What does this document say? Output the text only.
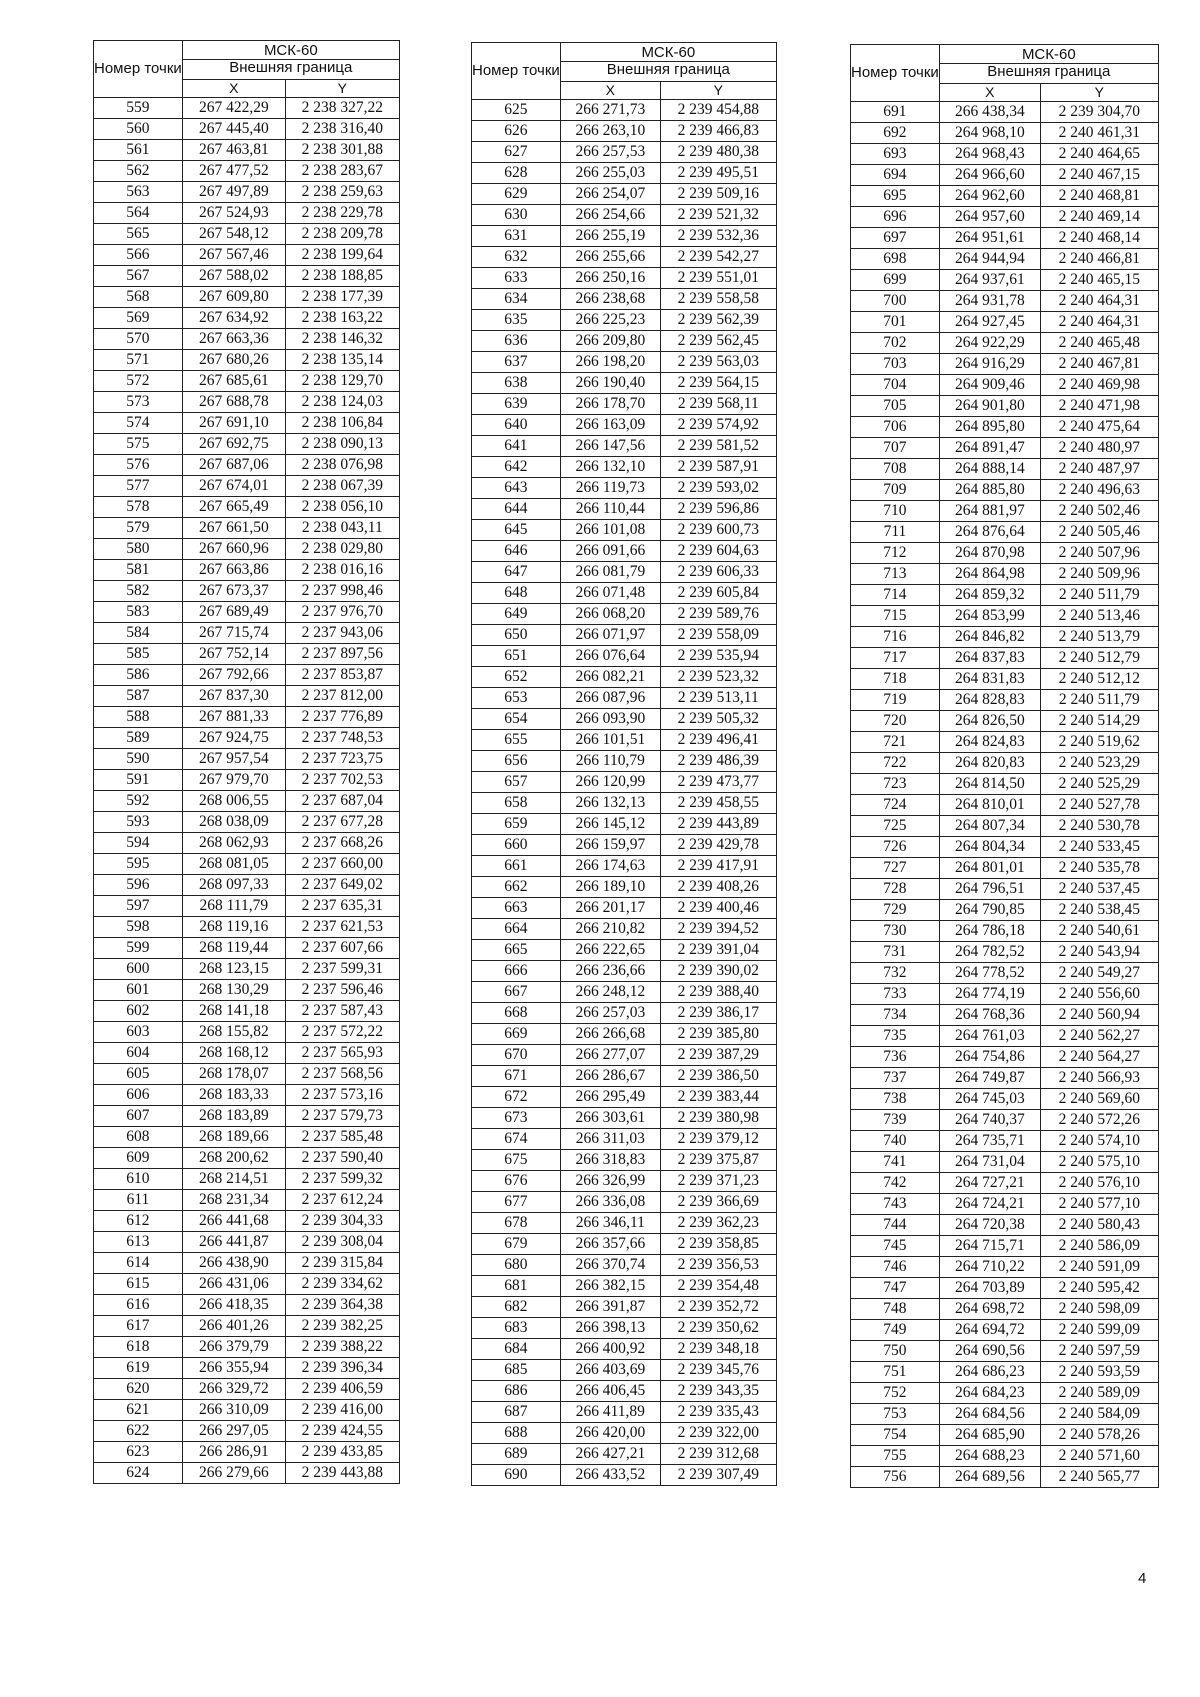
Номер точки	МСК-60	
	Внешняя граница	
	X	Y
559	267 422,29	2 238 327,22
560	267 445,40	2 238 316,40
561	267 463,81	2 238 301,88
562	267 477,52	2 238 283,67
563	267 497,89	2 238 259,63
564	267 524,93	2 238 229,78
565	267 548,12	2 238 209,78
566	267 567,46	2 238 199,64
567	267 588,02	2 238 188,85
568	267 609,80	2 238 177,39
569	267 634,92	2 238 163,22
570	267 663,36	2 238 146,32
571	267 680,26	2 238 135,14
572	267 685,61	2 238 129,70
573	267 688,78	2 238 124,03
574	267 691,10	2 238 106,84
575	267 692,75	2 238 090,13
576	267 687,06	2 238 076,98
577	267 674,01	2 238 067,39
578	267 665,49	2 238 056,10
579	267 661,50	2 238 043,11
580	267 660,96	2 238 029,80
581	267 663,86	2 238 016,16
582	267 673,37	2 237 998,46
583	267 689,49	2 237 976,70
584	267 715,74	2 237 943,06
585	267 752,14	2 237 897,56
586	267 792,66	2 237 853,87
587	267 837,30	2 237 812,00
588	267 881,33	2 237 776,89
589	267 924,75	2 237 748,53
590	267 957,54	2 237 723,75
591	267 979,70	2 237 702,53
592	268 006,55	2 237 687,04
593	268 038,09	2 237 677,28
594	268 062,93	2 237 668,26
595	268 081,05	2 237 660,00
596	268 097,33	2 237 649,02
597	268 111,79	2 237 635,31
598	268 119,16	2 237 621,53
599	268 119,44	2 237 607,66
600	268 123,15	2 237 599,31
601	268 130,29	2 237 596,46
602	268 141,18	2 237 587,43
603	268 155,82	2 237 572,22
604	268 168,12	2 237 565,93
605	268 178,07	2 237 568,56
606	268 183,33	2 237 573,16
607	268 183,89	2 237 579,73
608	268 189,66	2 237 585,48
609	268 200,62	2 237 590,40
610	268 214,51	2 237 599,32
611	268 231,34	2 237 612,24
612	266 441,68	2 239 304,33
613	266 441,87	2 239 308,04
614	266 438,90	2 239 315,84
615	266 431,06	2 239 334,62
616	266 418,35	2 239 364,38
617	266 401,26	2 239 382,25
618	266 379,79	2 239 388,22
619	266 355,94	2 239 396,34
620	266 329,72	2 239 406,59
621	266 310,09	2 239 416,00
622	266 297,05	2 239 424,55
623	266 286,91	2 239 433,85
624	266 279,66	2 239 443,88
Номер точки	МСК-60	
	Внешняя граница	
	X	Y
625	266 271,73	2 239 454,88
626	266 263,10	2 239 466,83
627	266 257,53	2 239 480,38
628	266 255,03	2 239 495,51
629	266 254,07	2 239 509,16
630	266 254,66	2 239 521,32
631	266 255,19	2 239 532,36
632	266 255,66	2 239 542,27
633	266 250,16	2 239 551,01
634	266 238,68	2 239 558,58
635	266 225,23	2 239 562,39
636	266 209,80	2 239 562,45
637	266 198,20	2 239 563,03
638	266 190,40	2 239 564,15
639	266 178,70	2 239 568,11
640	266 163,09	2 239 574,92
641	266 147,56	2 239 581,52
642	266 132,10	2 239 587,91
643	266 119,73	2 239 593,02
644	266 110,44	2 239 596,86
645	266 101,08	2 239 600,73
646	266 091,66	2 239 604,63
647	266 081,79	2 239 606,33
648	266 071,48	2 239 605,84
649	266 068,20	2 239 589,76
650	266 071,97	2 239 558,09
651	266 076,64	2 239 535,94
652	266 082,21	2 239 523,32
653	266 087,96	2 239 513,11
654	266 093,90	2 239 505,32
655	266 101,51	2 239 496,41
656	266 110,79	2 239 486,39
657	266 120,99	2 239 473,77
658	266 132,13	2 239 458,55
659	266 145,12	2 239 443,89
660	266 159,97	2 239 429,78
661	266 174,63	2 239 417,91
662	266 189,10	2 239 408,26
663	266 201,17	2 239 400,46
664	266 210,82	2 239 394,52
665	266 222,65	2 239 391,04
666	266 236,66	2 239 390,02
667	266 248,12	2 239 388,40
668	266 257,03	2 239 386,17
669	266 266,68	2 239 385,80
670	266 277,07	2 239 387,29
671	266 286,67	2 239 386,50
672	266 295,49	2 239 383,44
673	266 303,61	2 239 380,98
674	266 311,03	2 239 379,12
675	266 318,83	2 239 375,87
676	266 326,99	2 239 371,23
677	266 336,08	2 239 366,69
678	266 346,11	2 239 362,23
679	266 357,66	2 239 358,85
680	266 370,74	2 239 356,53
681	266 382,15	2 239 354,48
682	266 391,87	2 239 352,72
683	266 398,13	2 239 350,62
684	266 400,92	2 239 348,18
685	266 403,69	2 239 345,76
686	266 406,45	2 239 343,35
687	266 411,89	2 239 335,43
688	266 420,00	2 239 322,00
689	266 427,21	2 239 312,68
690	266 433,52	2 239 307,49
Номер точки	МСК-60	
	Внешняя граница	
	X	Y
691	266 438,34	2 239 304,70
692	264 968,10	2 240 461,31
693	264 968,43	2 240 464,65
694	264 966,60	2 240 467,15
695	264 962,60	2 240 468,81
696	264 957,60	2 240 469,14
697	264 951,61	2 240 468,14
698	264 944,94	2 240 466,81
699	264 937,61	2 240 465,15
700	264 931,78	2 240 464,31
701	264 927,45	2 240 464,31
702	264 922,29	2 240 465,48
703	264 916,29	2 240 467,81
704	264 909,46	2 240 469,98
705	264 901,80	2 240 471,98
706	264 895,80	2 240 475,64
707	264 891,47	2 240 480,97
708	264 888,14	2 240 487,97
709	264 885,80	2 240 496,63
710	264 881,97	2 240 502,46
711	264 876,64	2 240 505,46
712	264 870,98	2 240 507,96
713	264 864,98	2 240 509,96
714	264 859,32	2 240 511,79
715	264 853,99	2 240 513,46
716	264 846,82	2 240 513,79
717	264 837,83	2 240 512,79
718	264 831,83	2 240 512,12
719	264 828,83	2 240 511,79
720	264 826,50	2 240 514,29
721	264 824,83	2 240 519,62
722	264 820,83	2 240 523,29
723	264 814,50	2 240 525,29
724	264 810,01	2 240 527,78
725	264 807,34	2 240 530,78
726	264 804,34	2 240 533,45
727	264 801,01	2 240 535,78
728	264 796,51	2 240 537,45
729	264 790,85	2 240 538,45
730	264 786,18	2 240 540,61
731	264 782,52	2 240 543,94
732	264 778,52	2 240 549,27
733	264 774,19	2 240 556,60
734	264 768,36	2 240 560,94
735	264 761,03	2 240 562,27
736	264 754,86	2 240 564,27
737	264 749,87	2 240 566,93
738	264 745,03	2 240 569,60
739	264 740,37	2 240 572,26
740	264 735,71	2 240 574,10
741	264 731,04	2 240 575,10
742	264 727,21	2 240 576,10
743	264 724,21	2 240 577,10
744	264 720,38	2 240 580,43
745	264 715,71	2 240 586,09
746	264 710,22	2 240 591,09
747	264 703,89	2 240 595,42
748	264 698,72	2 240 598,09
749	264 694,72	2 240 599,09
750	264 690,56	2 240 597,59
751	264 686,23	2 240 593,59
752	264 684,23	2 240 589,09
753	264 684,56	2 240 584,09
754	264 685,90	2 240 578,26
755	264 688,23	2 240 571,60
756	264 689,56	2 240 565,77
4
